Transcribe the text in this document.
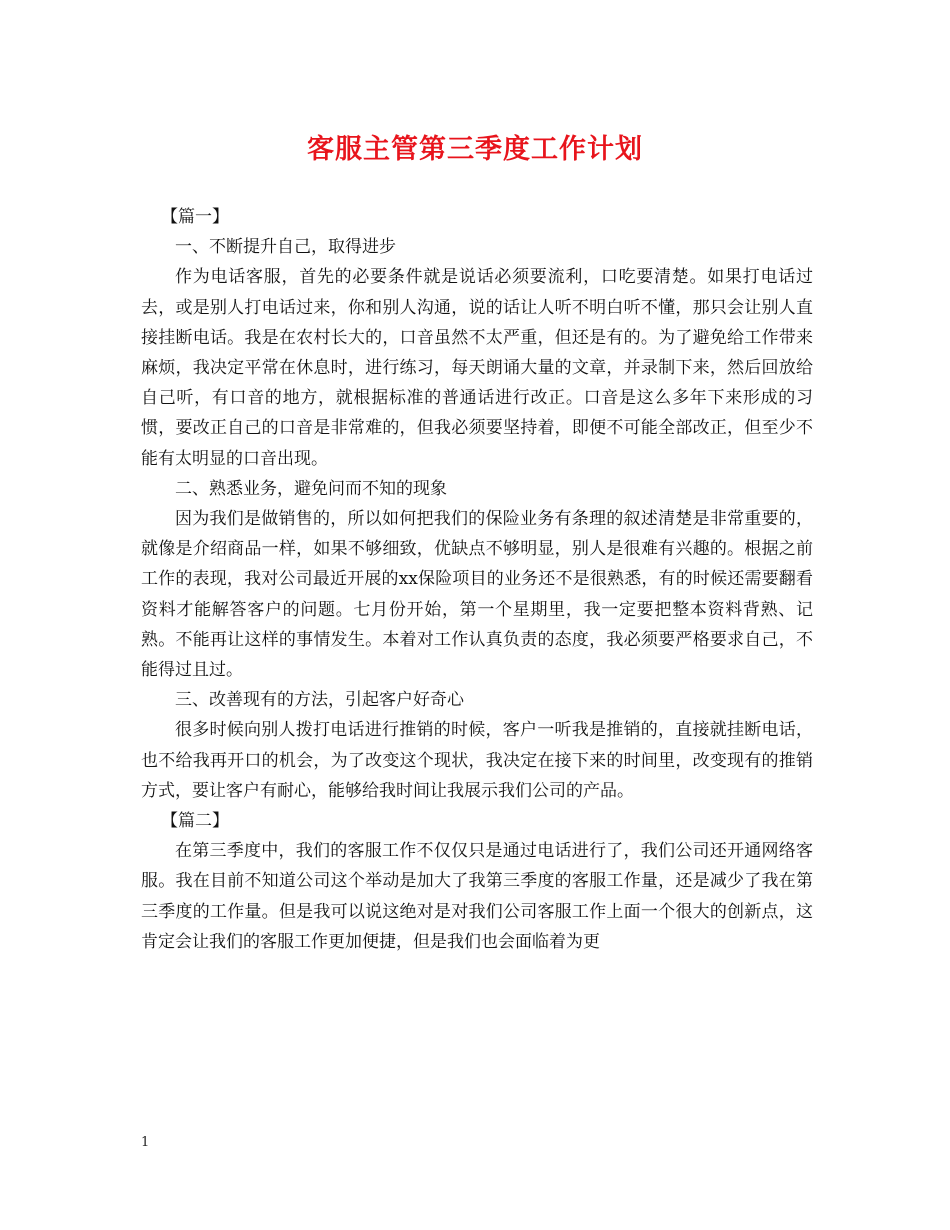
客服主管第三季度工作计划

【篇一】

一、不断提升自己，取得进步

作为电话客服，首先的必要条件就是说话必须要流利，口吃要清楚。如果打电话过去，或是别人打电话过来，你和别人沟通，说的话让人听不明白听不懂，那只会让别人直接挂断电话。我是在农村长大的，口音虽然不太严重，但还是有的。为了避免给工作带来麻烦，我决定平常在休息时，进行练习，每天朗诵大量的文章，并录制下来，然后回放给自己听，有口音的地方，就根据标准的普通话进行改正。口音是这么多年下来形成的习惯，要改正自己的口音是非常难的，但我必须要坚持着，即便不可能全部改正，但至少不能有太明显的口音出现。

二、熟悉业务，避免问而不知的现象

因为我们是做销售的，所以如何把我们的保险业务有条理的叙述清楚是非常重要的，就像是介绍商品一样，如果不够细致，优缺点不够明显，别人是很难有兴趣的。根据之前工作的表现，我对公司最近开展的xx保险项目的业务还不是很熟悉，有的时候还需要翻看资料才能解答客户的问题。七月份开始，第一个星期里，我一定要把整本资料背熟、记熟。不能再让这样的事情发生。本着对工作认真负责的态度，我必须要严格要求自己，不能得过且过。

三、改善现有的方法，引起客户好奇心

很多时候向别人拨打电话进行推销的时候，客户一听我是推销的，直接就挂断电话，也不给我再开口的机会，为了改变这个现状，我决定在接下来的时间里，改变现有的推销方式，要让客户有耐心，能够给我时间让我展示我们公司的产品。

【篇二】

在第三季度中，我们的客服工作不仅仅只是通过电话进行了，我们公司还开通网络客服。我在目前不知道公司这个举动是加大了我第三季度的客服工作量，还是减少了我在第三季度的工作量。但是我可以说这绝对是对我们公司客服工作上面一个很大的创新点，这肯定会让我们的客服工作更加便捷，但是我们也会面临着为更

1
